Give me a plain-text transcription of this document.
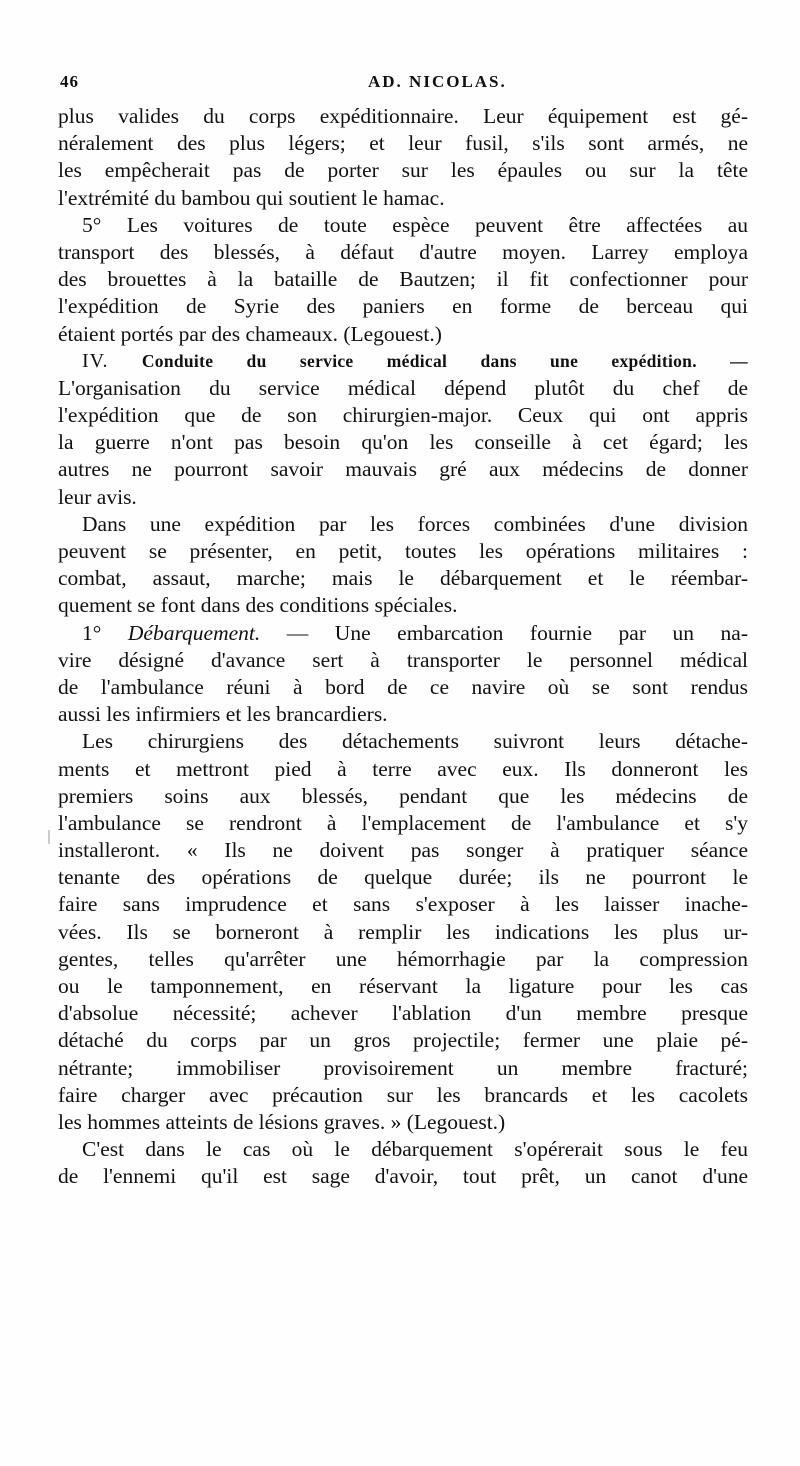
46	AD. NICOLAS.
plus valides du corps expéditionnaire. Leur équipement est gé-
néralement des plus légers; et leur fusil, s'ils sont armés, ne
les empêcherait pas de porter sur les épaules ou sur la tête
l'extrémité du bambou qui soutient le hamac.
5° Les voitures de toute espèce peuvent être affectées au
transport des blessés, à défaut d'autre moyen. Larrey employa
des brouettes à la bataille de Bautzen; il fit confectionner pour
l'expédition de Syrie des paniers en forme de berceau qui
étaient portés par des chameaux. (Legouest.)
IV. Conduite du service médical dans une expédition. —
L'organisation du service médical dépend plutôt du chef de
l'expédition que de son chirurgien-major. Ceux qui ont appris
la guerre n'ont pas besoin qu'on les conseille à cet égard; les
autres ne pourront savoir mauvais gré aux médecins de donner
leur avis.
Dans une expédition par les forces combinées d'une division
peuvent se présenter, en petit, toutes les opérations militaires :
combat, assaut, marche; mais le débarquement et le réembar-
quement se font dans des conditions spéciales.
1° Débarquement. — Une embarcation fournie par un na-
vire désigné d'avance sert à transporter le personnel médical
de l'ambulance réuni à bord de ce navire où se sont rendus
aussi les infirmiers et les brancardiers.
Les chirurgiens des détachements suivront leurs détache-
ments et mettront pied à terre avec eux. Ils donneront les
premiers soins aux blessés, pendant que les médecins de
l'ambulance se rendront à l'emplacement de l'ambulance et s'y
installeront. « Ils ne doivent pas songer à pratiquer séance
tenante des opérations de quelque durée; ils ne pourront le
faire sans imprudence et sans s'exposer à les laisser inache-
vées. Ils se borneront à remplir les indications les plus ur-
gentes, telles qu'arrêter une hémorrhagie par la compression
ou le tamponnement, en réservant la ligature pour les cas
d'absolue nécessité; achever l'ablation d'un membre presque
détaché du corps par un gros projectile; fermer une plaie pé-
nétrante; immobiliser provisoirement un membre fracturé;
faire charger avec précaution sur les brancards et les cacolets
les hommes atteints de lésions graves. » (Legouest.)
C'est dans le cas où le débarquement s'opérerait sous le feu
de l'ennemi qu'il est sage d'avoir, tout prêt, un canot d'une
